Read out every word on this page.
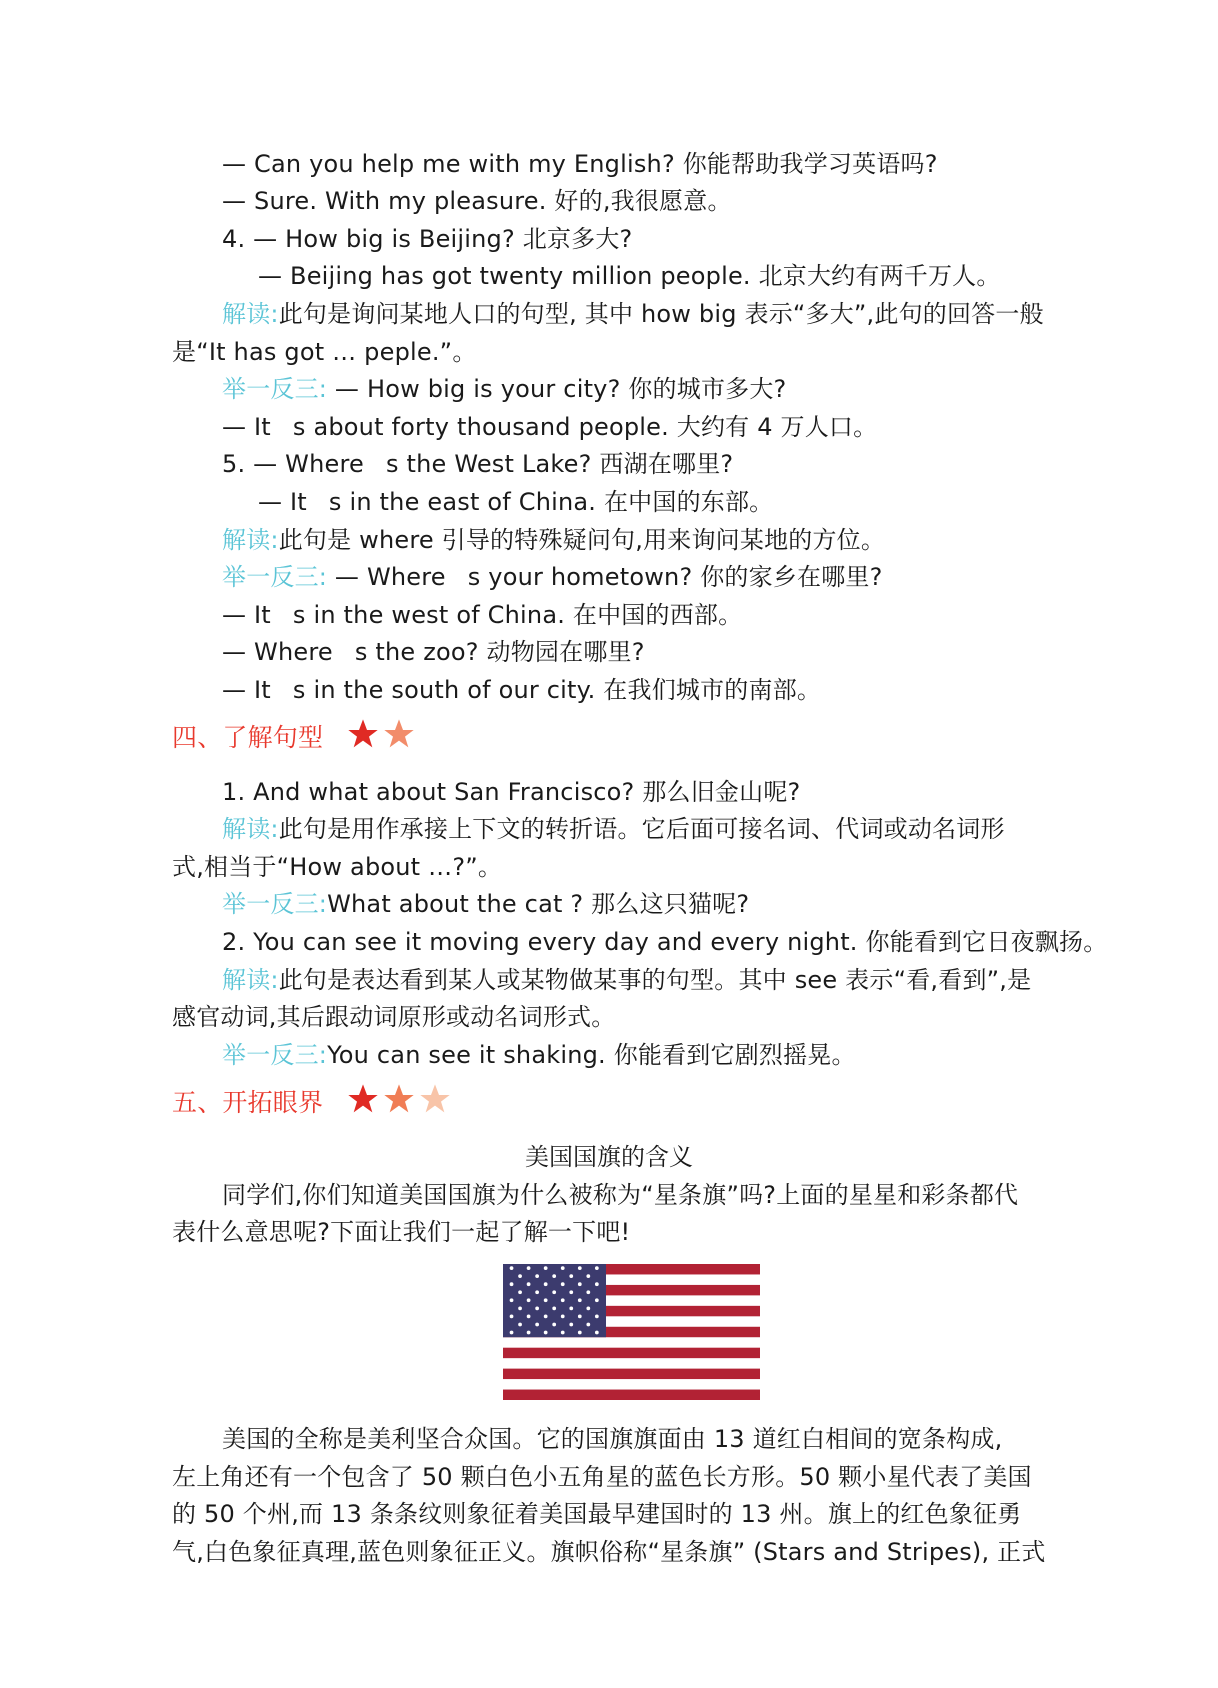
— Can you help me with my English? 你能帮助我学习英语吗?
— Sure. With my pleasure. 好的,我很愿意。
4. — How big is Beijing? 北京多大?
— Beijing has got twenty million people. 北京大约有两千万人。
解读:此句是询问某地人口的句型, 其中 how big 表示“多大”,此句的回答一般
是“It has got … peple.”。
举一反三: — How big is your city? 你的城市多大?
— It s about forty thousand people. 大约有 4 万人口。
5. — Where s the West Lake? 西湖在哪里?
— It s in the east of China. 在中国的东部。
解读:此句是 where 引导的特殊疑问句,用来询问某地的方位。
举一反三: — Where s your hometown? 你的家乡在哪里?
— It s in the west of China. 在中国的西部。
— Where s the zoo? 动物园在哪里?
— It s in the south of our city. 在我们城市的南部。
四、了解句型
1. And what about San Francisco? 那么旧金山呢?
解读:此句是用作承接上下文的转折语。它后面可接名词、代词或动名词形
式,相当于“How about …?”。
举一反三:What about the cat ? 那么这只猫呢?
2. You can see it moving every day and every night. 你能看到它日夜飘扬。
解读:此句是表达看到某人或某物做某事的句型。其中 see 表示“看,看到”,是
感官动词,其后跟动词原形或动名词形式。
举一反三:You can see it shaking. 你能看到它剧烈摇晃。
五、开拓眼界
美国国旗的含义
同学们,你们知道美国国旗为什么被称为“星条旗”吗?上面的星星和彩条都代
表什么意思呢?下面让我们一起了解一下吧!
美国的全称是美利坚合众国。它的国旗旗面由 13 道红白相间的宽条构成,
左上角还有一个包含了 50 颗白色小五角星的蓝色长方形。50 颗小星代表了美国
的 50 个州,而 13 条条纹则象征着美国最早建国时的 13 州。旗上的红色象征勇
气,白色象征真理,蓝色则象征正义。旗帜俗称“星条旗” (Stars and Stripes), 正式
